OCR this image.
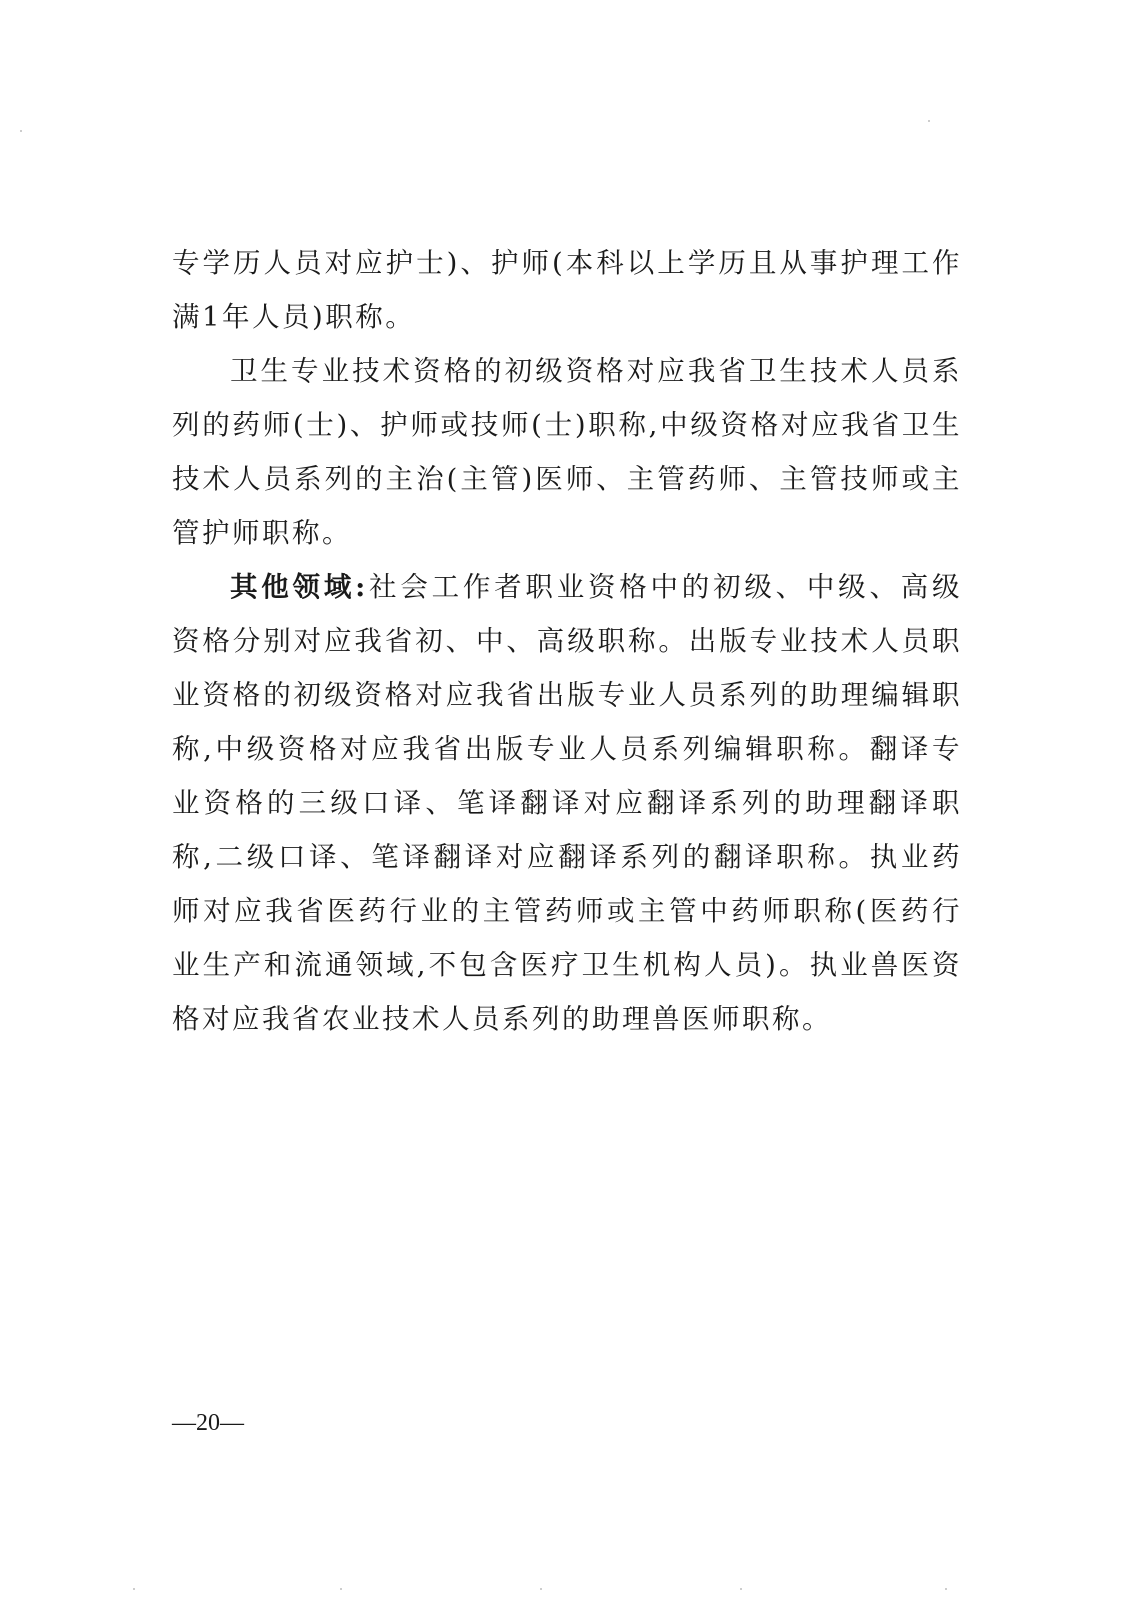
专学历人员对应护士)、护师(本科以上学历且从事护理工作满1年人员)职称。

卫生专业技术资格的初级资格对应我省卫生技术人员系列的药师(士)、护师或技师(士)职称,中级资格对应我省卫生技术人员系列的主治(主管)医师、主管药师、主管技师或主管护师职称。

其他领域:社会工作者职业资格中的初级、中级、高级资格分别对应我省初、中、高级职称。出版专业技术人员职业资格的初级资格对应我省出版专业人员系列的助理编辑职称,中级资格对应我省出版专业人员系列编辑职称。翻译专业资格的三级口译、笔译翻译对应翻译系列的助理翻译职称,二级口译、笔译翻译对应翻译系列的翻译职称。执业药师对应我省医药行业的主管药师或主管中药师职称(医药行业生产和流通领域,不包含医疗卫生机构人员)。执业兽医资格对应我省农业技术人员系列的助理兽医师职称。

—20—
